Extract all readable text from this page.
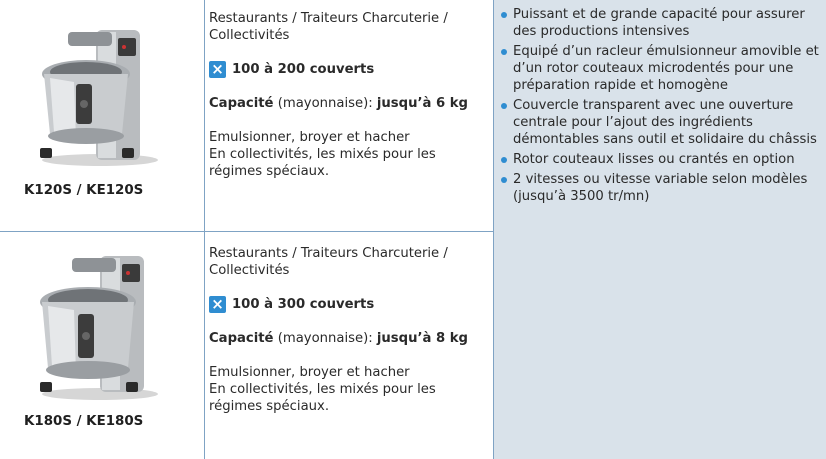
K120S / KE120S

Restaurants / Traiteurs Charcuterie / Collectivités

× 100 à 200 couverts

Capacité (mayonnaise): jusqu’à 6 kg

Emulsionner, broyer et hacher

En collectivités, les mixés pour les régimes spéciaux.

K180S / KE180S

Restaurants / Traiteurs Charcuterie / Collectivités

× 100 à 300 couverts

Capacité (mayonnaise): jusqu’à 8 kg

Emulsionner, broyer et hacher

En collectivités, les mixés pour les régimes spéciaux.

Puissant et de grande capacité pour assurer des productions intensives
Equipé d’un racleur émulsionneur amovible et d’un rotor couteaux microdentés pour une préparation rapide et homogène
Couvercle transparent avec une ouverture centrale pour l’ajout des ingrédients démontables sans outil et solidaire du châssis
Rotor couteaux lisses ou crantés en option
2 vitesses ou vitesse variable selon modèles (jusqu’à 3500 tr/mn)
